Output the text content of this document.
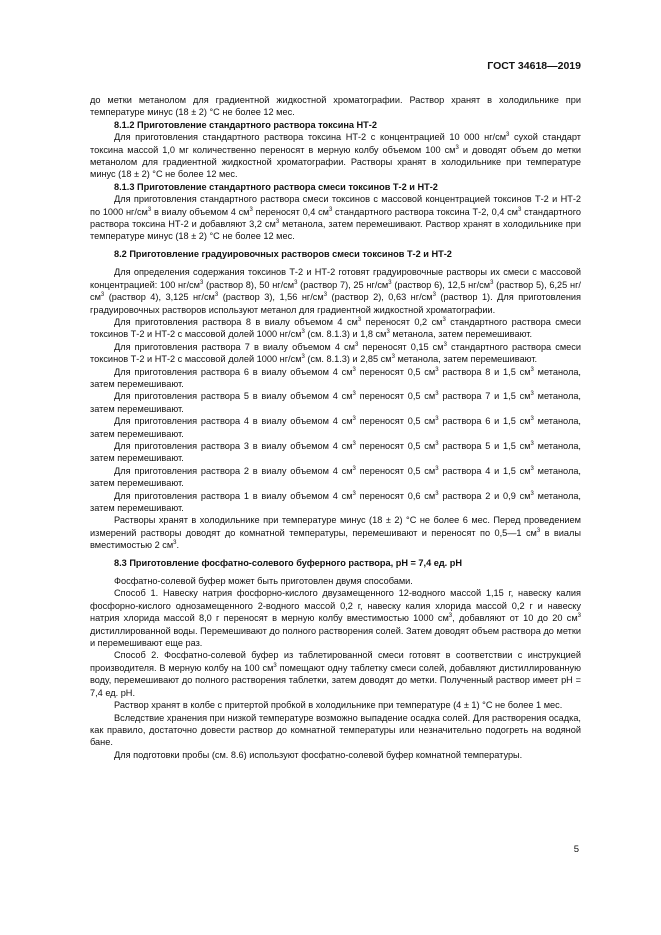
ГОСТ 34618—2019

до метки метанолом для градиентной жидкостной хроматографии. Раствор хранят в холодильнике при температуре минус (18 ± 2) °С не более 12 мес.

8.1.2 Приготовление стандартного раствора токсина НТ-2

Для приготовления стандартного раствора токсина НТ-2 с концентрацией 10 000 $нг/см^3$ сухой стандарт токсина массой 1,0 мг количественно переносят в мерную колбу объемом 100 $см^3$ и доводят объем до метки метанолом для градиентной жидкостной хроматографии. Растворы хранят в холодильнике при температуре минус (18 ± 2) °С не более 12 мес.

8.1.3 Приготовление стандартного раствора смеси токсинов Т-2 и НТ-2

Для приготовления стандартного раствора смеси токсинов с массовой концентрацией токсинов Т-2 и НТ-2 по 1000 $нг/см^3$ в виалу объемом 4 $см^3$ переносят 0,4 $см^3$ стандартного раствора токсина Т-2, 0,4 $см^3$ стандартного раствора токсина НТ-2 и добавляют 3,2 $см^3$ метанола, затем перемешивают. Раствор хранят в холодильнике при температуре минус (18 ± 2) °С не более 12 мес.

8.2 Приготовление градуировочных растворов смеси токсинов Т-2 и НТ-2

Для определения содержания токсинов Т-2 и НТ-2 готовят градуировочные растворы их смеси с массовой концентрацией: 100 $нг/см^3$ (раствор 8), 50 $нг/см^3$ (раствор 7), 25 $нг/см^3$ (раствор 6), 12,5 $нг/см^3$ (раствор 5), 6,25 $нг/см^3$ (раствор 4), 3,125 $нг/см^3$ (раствор 3), 1,56 $нг/см^3$ (раствор 2), 0,63 $нг/см^3$ (раствор 1). Для приготовления градуировочных растворов используют метанол для градиентной жидкостной хроматографии.

Для приготовления раствора 8 в виалу объемом 4 $см^3$ переносят 0,2 $см^3$ стандартного раствора смеси токсинов Т-2 и НТ-2 с массовой долей 1000 $нг/см^3$ (см. 8.1.3) и 1,8 $см^3$ метанола, затем перемешивают.

Для приготовления раствора 7 в виалу объемом 4 $см^3$ переносят 0,15 $см^3$ стандартного раствора смеси токсинов Т-2 и НТ-2 с массовой долей 1000 $нг/см^3$ (см. 8.1.3) и 2,85 $см^3$ метанола, затем перемешивают.

Для приготовления раствора 6 в виалу объемом 4 $см^3$ переносят 0,5 $см^3$ раствора 8 и 1,5 $см^3$ метанола, затем перемешивают.

Для приготовления раствора 5 в виалу объемом 4 $см^3$ переносят 0,5 $см^3$ раствора 7 и 1,5 $см^3$ метанола, затем перемешивают.

Для приготовления раствора 4 в виалу объемом 4 $см^3$ переносят 0,5 $см^3$ раствора 6 и 1,5 $см^3$ метанола, затем перемешивают.

Для приготовления раствора 3 в виалу объемом 4 $см^3$ переносят 0,5 $см^3$ раствора 5 и 1,5 $см^3$ метанола, затем перемешивают.

Для приготовления раствора 2 в виалу объемом 4 $см^3$ переносят 0,5 $см^3$ раствора 4 и 1,5 $см^3$ метанола, затем перемешивают.

Для приготовления раствора 1 в виалу объемом 4 $см^3$ переносят 0,6 $см^3$ раствора 2 и 0,9 $см^3$ метанола, затем перемешивают.

Растворы хранят в холодильнике при температуре минус (18 ± 2) °С не более 6 мес. Перед проведением измерений растворы доводят до комнатной температуры, перемешивают и переносят по 0,5—1 $см^3$ в виалы вместимостью 2 $см^3$.

8.3 Приготовление фосфатно-солевого буферного раствора, рН = 7,4 ед. рН

Фосфатно-солевой буфер может быть приготовлен двумя способами.

Способ 1. Навеску натрия фосфорно-кислого двузамещенного 12-водного массой 1,15 г, навеску калия фосфорно-кислого однозамещенного 2-водного массой 0,2 г, навеску калия хлорида массой 0,2 г и навеску натрия хлорида массой 8,0 г переносят в мерную колбу вместимостью 1000 $см^3$, добавляют от 10 до 20 $см^3$ дистиллированной воды. Перемешивают до полного растворения солей. Затем доводят объем раствора до метки и перемешивают еще раз.

Способ 2. Фосфатно-солевой буфер из таблетированной смеси готовят в соответствии с инструкцией производителя. В мерную колбу на 100 $см^3$ помещают одну таблетку смеси солей, добавляют дистиллированную воду, перемешивают до полного растворения таблетки, затем доводят до метки. Полученный раствор имеет рН = 7,4 ед. рН.

Раствор хранят в колбе с притертой пробкой в холодильнике при температуре (4 ± 1) °С не более 1 мес.

Вследствие хранения при низкой температуре возможно выпадение осадка солей. Для растворения осадка, как правило, достаточно довести раствор до комнатной температуры или незначительно подогреть на водяной бане.

Для подготовки пробы (см. 8.6) используют фосфатно-солевой буфер комнатной температуры.

5
